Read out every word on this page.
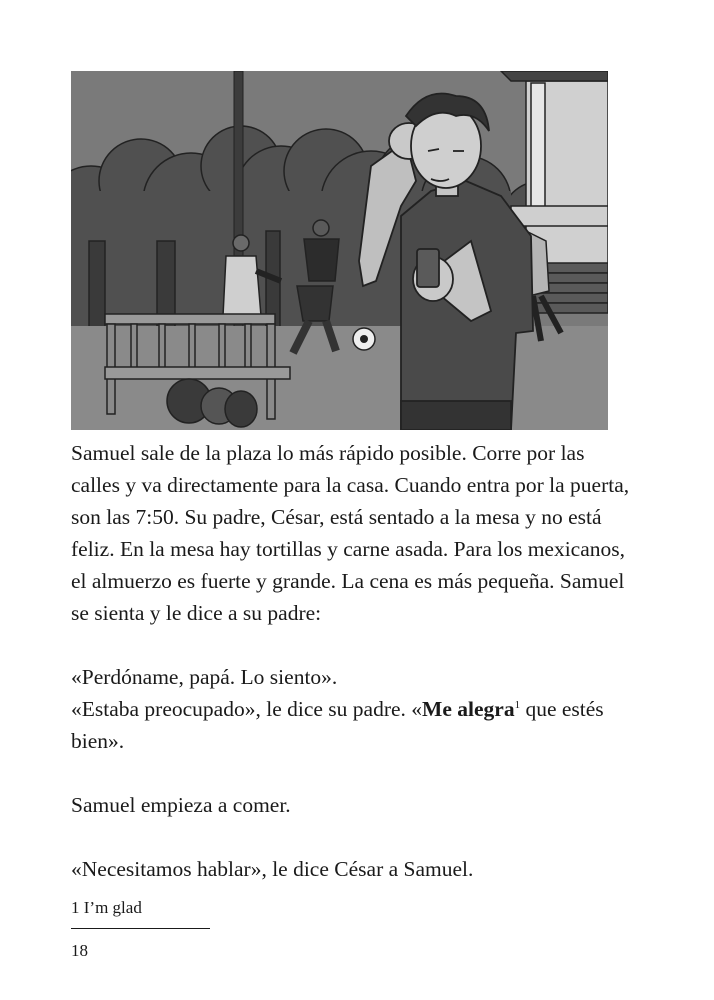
Samuel sale de la plaza lo más rápido posible. Corre por las calles y va directamente para la casa. Cuando entra por la puerta, son las 7:50. Su padre, César, está sentado a la mesa y no está feliz. En la mesa hay tortillas y carne asada. Para los mexicanos, el almuerzo es fuerte y grande. La cena es más pequeña. Samuel se sienta y le dice a su padre:

«Perdóname, papá. Lo siento».
«Estaba preocupado», le dice su padre. «Me alegra$^1$ que estés bien».

Samuel empieza a comer.

«Necesitamos hablar», le dice César a Samuel.

1 I’m glad
18
